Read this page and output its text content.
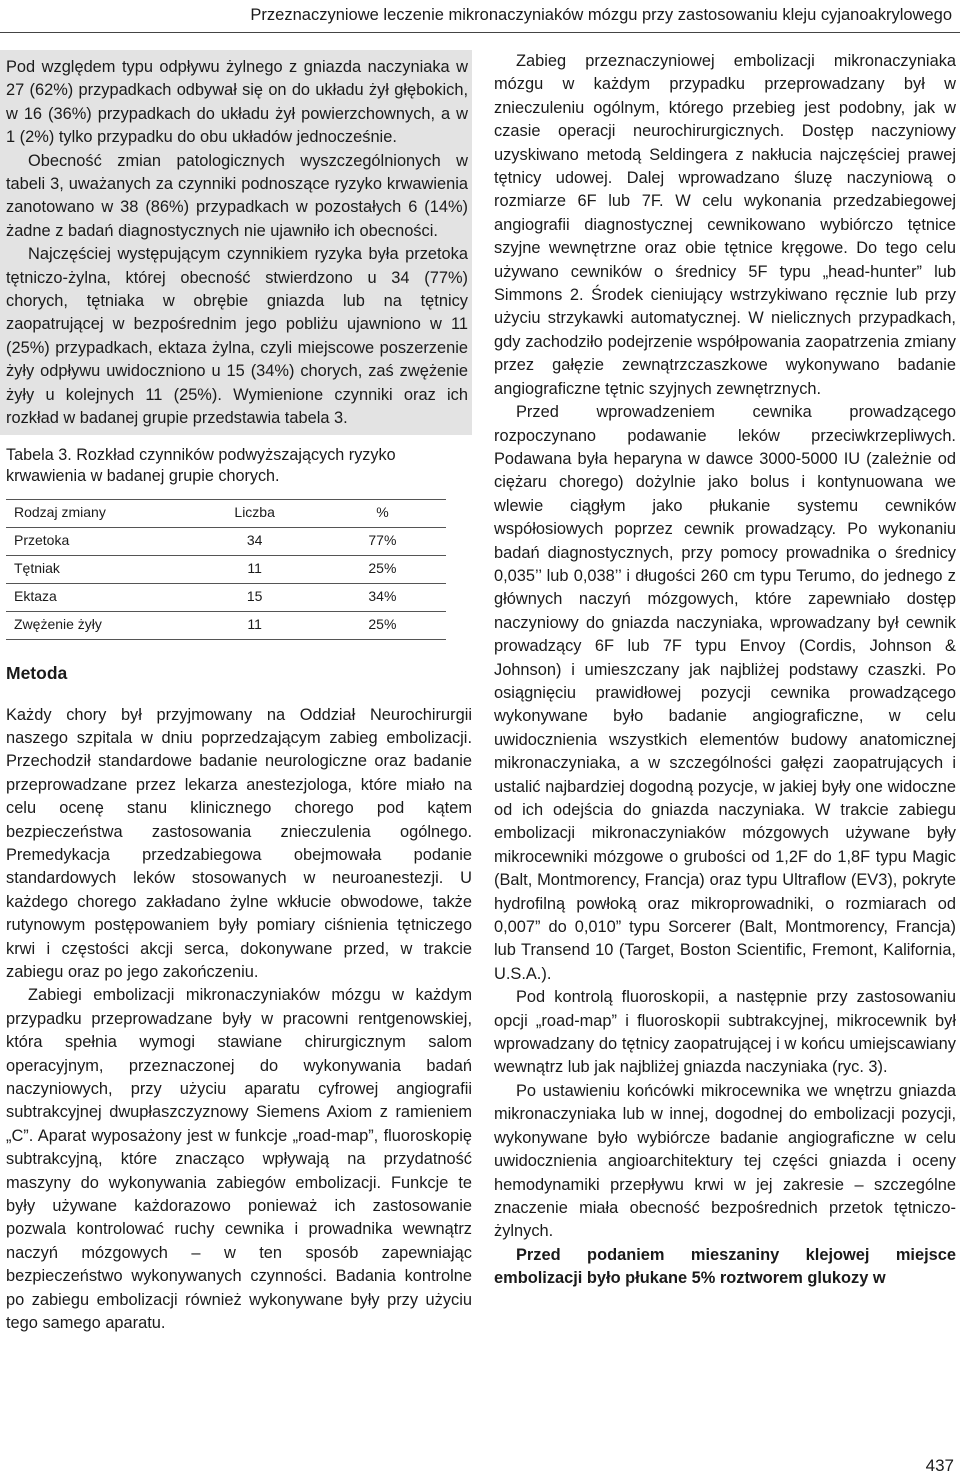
Przeznaczyniowe leczenie mikronaczyniaków mózgu przy zastosowaniu kleju cyjanoakrylowego

Pod względem typu odpływu żylnego z gniazda naczyniaka w 27 (62%) przypadkach odbywał się on do układu żył głębokich, w 16 (36%) przypadkach do układu żył powierzchownych, a w 1 (2%) tylko przypadku do obu układów jednocześnie.

Obecność zmian patologicznych wyszczególnionych w tabeli 3, uważanych za czynniki podnoszące ryzyko krwawienia zanotowano w 38 (86%) przypadkach w pozostałych 6 (14%) żadne z badań diagnostycznych nie ujawniło ich obecności.

Najczęściej występującym czynnikiem ryzyka była przetoka tętniczo-żylna, której obecność stwierdzono u 34 (77%) chorych, tętniaka w obrębie gniazda lub na tętnicy zaopatrującej w bezpośrednim jego pobliżu ujawniono w 11 (25%) przypadkach, ektaza żylna, czyli miejscowe poszerzenie żyły odpływu uwidoczniono u 15 (34%) chorych, zaś zwężenie żyły u kolejnych 11 (25%). Wymienione czynniki oraz ich rozkład w badanej grupie przedstawia tabela 3.

Tabela 3. Rozkład czynników podwyższających ryzyko krwawienia w badanej grupie chorych.
Rodzaj zmiany	Liczba	%
Przetoka	34	77%
Tętniak	11	25%
Ektaza	15	34%
Zwężenie żyły	11	25%
Metoda

Każdy chory był przyjmowany na Oddział Neurochirurgii naszego szpitala w dniu poprzedzającym zabieg embolizacji. Przechodził standardowe badanie neurologiczne oraz badanie przeprowadzane przez lekarza anestezjologa, które miało na celu ocenę stanu klinicznego chorego pod kątem bezpieczeństwa zastosowania znieczulenia ogólnego. Premedykacja przedzabiegowa obejmowała podanie standardowych leków stosowanych w neuroanestezji. U każdego chorego zakładano żylne wkłucie obwodowe, także rutynowym postępowaniem były pomiary ciśnienia tętniczego krwi i częstości akcji serca, dokonywane przed, w trakcie zabiegu oraz po jego zakończeniu.

Zabiegi embolizacji mikronaczyniaków mózgu w każdym przypadku przeprowadzane były w pracowni rentgenowskiej, która spełnia wymogi stawiane chirurgicznym salom operacyjnym, przeznaczonej do wykonywania badań naczyniowych, przy użyciu aparatu cyfrowej angiografii subtrakcyjnej dwupłaszczyznowy Siemens Axiom z ramieniem „C”. Aparat wyposażony jest w funkcje „road-map”, fluoroskopię subtrakcyjną, które znacząco wpływają na przydatność maszyny do wykonywania zabiegów embolizacji. Funkcje te były używane każdorazowo ponieważ ich zastosowanie pozwala kontrolować ruchy cewnika i prowadnika wewnątrz naczyń mózgowych – w ten sposób zapewniając bezpieczeństwo wykonywanych czynności. Badania kontrolne po zabiegu embolizacji również wykonywane były przy użyciu tego samego aparatu.

Zabieg przeznaczyniowej embolizacji mikronaczyniaka mózgu w każdym przypadku przeprowadzany był w znieczuleniu ogólnym, którego przebieg jest podobny, jak w czasie operacji neurochirurgicznych. Dostęp naczyniowy uzyskiwano metodą Seldingera z nakłucia najczęściej prawej tętnicy udowej. Dalej wprowadzano śluzę naczyniową o rozmiarze 6F lub 7F. W celu wykonania przedzabiegowej angiografii diagnostycznej cewnikowano wybiórczo tętnice szyjne wewnętrzne oraz obie tętnice kręgowe. Do tego celu używano cewników o średnicy 5F typu „head-hunter” lub Simmons 2. Środek cieniujący wstrzykiwano ręcznie lub przy użyciu strzykawki automatycznej. W nielicznych przypadkach, gdy zachodziło podejrzenie współpowania zaopatrzenia zmiany przez gałęzie zewnątrzczaszkowe wykonywano badanie angiograficzne tętnic szyjnych zewnętrznych.

Przed wprowadzeniem cewnika prowadzącego rozpoczynano podawanie leków przeciwkrzepliwych. Podawana była heparyna w dawce 3000-5000 IU (zależnie od ciężaru chorego) dożylnie jako bolus i kontynuowana we wlewie ciągłym jako płukanie systemu cewników współosiowych poprzez cewnik prowadzący. Po wykonaniu badań diagnostycznych, przy pomocy prowadnika o średnicy 0,035’’ lub 0,038’’ i długości 260 cm typu Terumo, do jednego z głównych naczyń mózgowych, które zapewniało dostęp naczyniowy do gniazda naczyniaka, wprowadzany był cewnik prowadzący 6F lub 7F typu Envoy (Cordis, Johnson & Johnson) i umieszczany jak najbliżej podstawy czaszki. Po osiągnięciu prawidłowej pozycji cewnika prowadzącego wykonywane było badanie angiograficzne, w celu uwidocznienia wszystkich elementów budowy anatomicznej mikronaczyniaka, a w szczególności gałęzi zaopatrujących i ustalić najbardziej dogodną pozycje, w jakiej były one widoczne od ich odejścia do gniazda naczyniaka. W trakcie zabiegu embolizacji mikronaczyniaków mózgowych używane były mikrocewniki mózgowe o grubości od 1,2F do 1,8F typu Magic (Balt, Montmorency, Francja) oraz typu Ultraflow (EV3), pokryte hydrofilną powłoką oraz mikroprowadniki, o rozmiarach od 0,007” do 0,010” typu Sorcerer (Balt, Montmorency, Francja) lub Transend 10 (Target, Boston Scientific, Fremont, Kalifornia, U.S.A.).

Pod kontrolą fluoroskopii, a następnie przy zastosowaniu opcji „road-map” i fluoroskopii subtrakcyjnej, mikrocewnik był wprowadzany do tętnicy zaopatrującej i w końcu umiejscawiany wewnątrz lub jak najbliżej gniazda naczyniaka (ryc. 3).

Po ustawieniu końcówki mikrocewnika we wnętrzu gniazda mikronaczyniaka lub w innej, dogodnej do embolizacji pozycji, wykonywane było wybiórcze badanie angiograficzne w celu uwidocznienia angioarchitektury tej części gniazda i oceny hemodynamiki przepływu krwi w jej zakresie – szczególne znaczenie miała obecność bezpośrednich przetok tętniczo-żylnych.

Przed podaniem mieszaniny klejowej miejsce embolizacji było płukane 5% roztworem glukozy w

437
